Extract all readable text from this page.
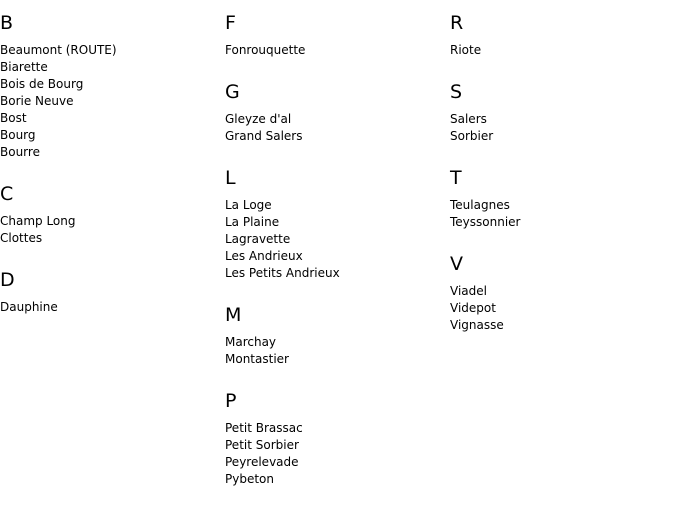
B
Beaumont (ROUTE)
Biarette
Bois de Bourg
Borie Neuve
Bost
Bourg
Bourre
C
Champ Long
Clottes
D
Dauphine
F
Fonrouquette
G
Gleyze d'al
Grand Salers
L
La Loge
La Plaine
Lagravette
Les Andrieux
Les Petits Andrieux
M
Marchay
Montastier
P
Petit Brassac
Petit Sorbier
Peyrelevade
Pybeton
R
Riote
S
Salers
Sorbier
T
Teulagnes
Teyssonnier
V
Viadel
Videpot
Vignasse
